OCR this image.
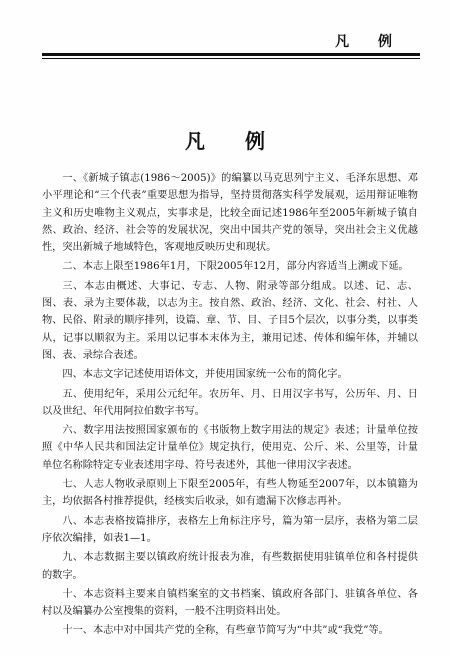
凡 例
凡例

一、《新城子镇志(1986～2005)》的编纂以马克思列宁主义、毛泽东思想、邓小平理论和“三个代表”重要思想为指导，坚持贯彻落实科学发展观，运用辩证唯物主义和历史唯物主义观点，实事求是，比较全面记述1986年至2005年新城子镇自然、政治、经济、社会等的发展状况，突出中国共产党的领导，突出社会主义优越性，突出新城子地域特色，客观地反映历史和现状。

二、本志上限至1986年1月，下限2005年12月，部分内容适当上溯或下延。

三、本志由概述、大事记、专志、人物、附录等部分组成。以述、记、志、图、表、录为主要体裁，以志为主。按自然、政治、经济、文化、社会、村社、人物、民俗、附录的顺序排列，设篇、章、节、目、子目5个层次，以事分类，以事类从，记事以顺叙为主。采用以记事本末体为主，兼用记述、传体和编年体，并辅以图、表、录综合表述。

四、本志文字记述使用语体文，并使用国家统一公布的简化字。

五、使用纪年，采用公元纪年。农历年、月、日用汉字书写，公历年、月、日以及世纪、年代用阿拉伯数字书写。

六、数字用法按照国家颁布的《书版物上数字用法的规定》表述；计量单位按照《中华人民共和国法定计量单位》规定执行，使用克、公斤、米、公里等，计量单位名称除特定专业表述用字母、符号表述外，其他一律用汉字表述。

七、人志人物收录原则上下限至2005年，有些人物延至2007年，以本镇籍为主，均依据各村推荐提供，经核实后收录，如有遗漏下次修志再补。

八、本志表格按篇排序，表格左上角标注序号，篇为第一层序，表格为第二层序依次编排，如表1—1。

九、本志数据主要以镇政府统计报表为准，有些数据使用驻镇单位和各村提供的数字。

十、本志资料主要来自镇档案室的文书档案、镇政府各部门、驻镇各单位、各村以及编纂办公室搜集的资料，一般不注明资料出处。

十一、本志中对中国共产党的全称，有些章节简写为“中共”或“我党”等。
